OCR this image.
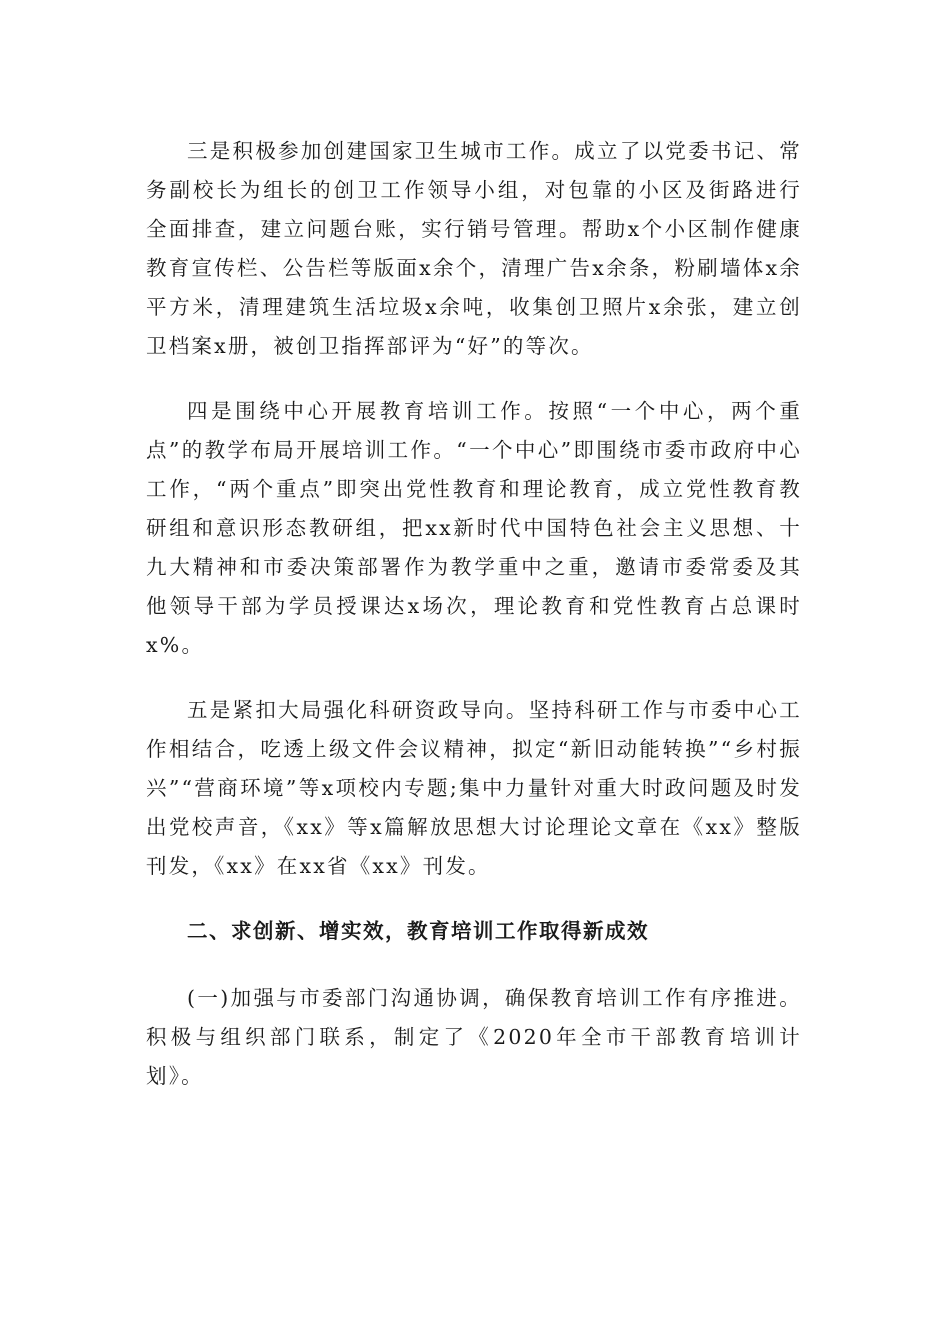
三是积极参加创建国家卫生城市工作。成立了以党委书记、常务副校长为组长的创卫工作领导小组，对包靠的小区及街路进行全面排查，建立问题台账，实行销号管理。帮助x个小区制作健康教育宣传栏、公告栏等版面x余个，清理广告x余条，粉刷墙体x余平方米，清理建筑生活垃圾x余吨，收集创卫照片x余张，建立创卫档案x册，被创卫指挥部评为“好”的等次。

四是围绕中心开展教育培训工作。按照“一个中心，两个重点”的教学布局开展培训工作。“一个中心”即围绕市委市政府中心工作，“两个重点”即突出党性教育和理论教育，成立党性教育教研组和意识形态教研组，把xx新时代中国特色社会主义思想、十九大精神和市委决策部署作为教学重中之重，邀请市委常委及其他领导干部为学员授课达x场次，理论教育和党性教育占总课时x%。

五是紧扣大局强化科研资政导向。坚持科研工作与市委中心工作相结合，吃透上级文件会议精神，拟定“新旧动能转换”“乡村振兴”“营商环境”等x项校内专题;集中力量针对重大时政问题及时发出党校声音，《xx》等x篇解放思想大讨论理论文章在《xx》整版刊发，《xx》在xx省《xx》刊发。

二、求创新、增实效，教育培训工作取得新成效

(一)加强与市委部门沟通协调，确保教育培训工作有序推进。积极与组织部门联系，制定了《2020年全市干部教育培训计划》。
